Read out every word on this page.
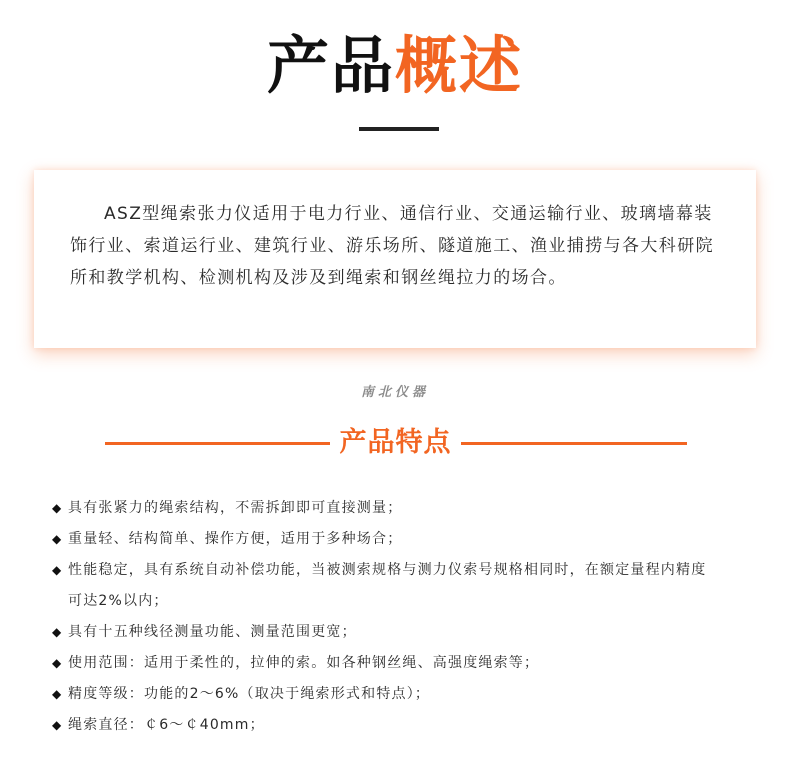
产品概述

ASZ型绳索张力仪适用于电力行业、通信行业、交通运输行业、玻璃墙幕装饰行业、索道运行业、建筑行业、游乐场所、隧道施工、渔业捕捞与各大科研院所和教学机构、检测机构及涉及到绳索和钢丝绳拉力的场合。

南北仪器
产品特点
◆ 具有张紧力的绳索结构，不需拆卸即可直接测量；
◆ 重量轻、结构简单、操作方便，适用于多种场合；
◆ 性能稳定，具有系统自动补偿功能，当被测索规格与测力仪索号规格相同时，在额定量程内精度可达2%以内；
◆ 具有十五种线径测量功能、测量范围更宽；
◆ 使用范围：适用于柔性的，拉伸的索。如各种钢丝绳、高强度绳索等；
◆ 精度等级：功能的2～6%（取决于绳索形式和特点）；
◆ 绳索直径：￠6～￠40mm；
